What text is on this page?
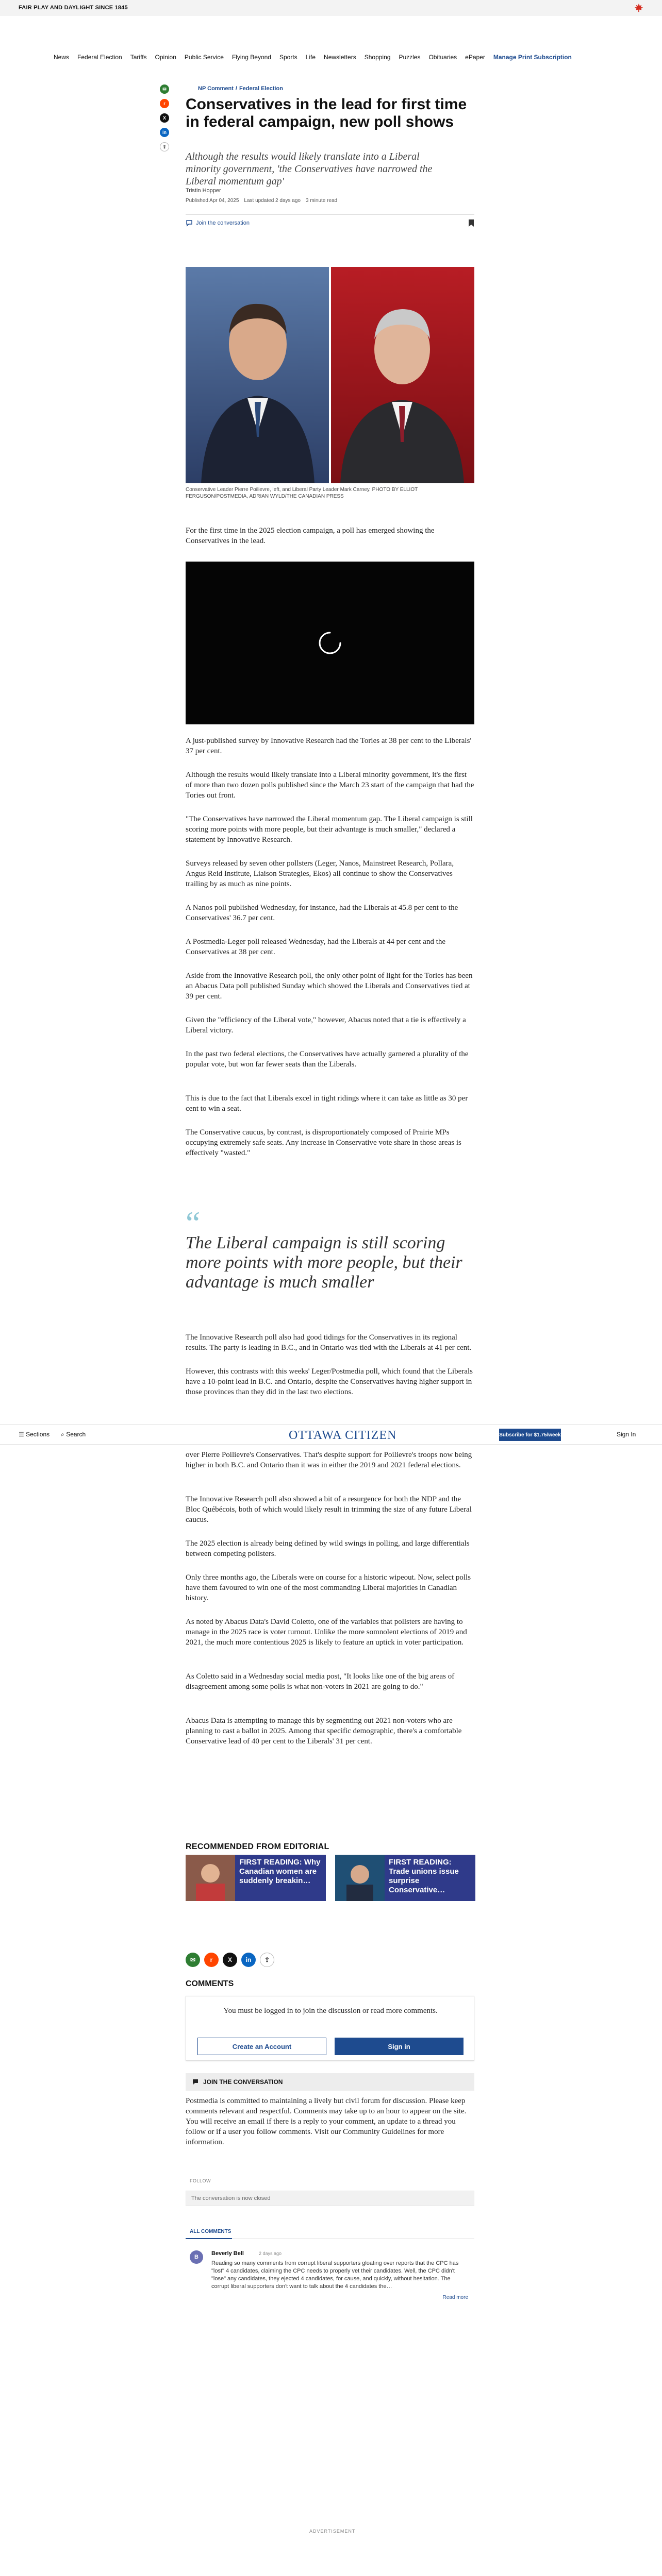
FAIR PLAY AND DAYLIGHT SINCE 1845
News Federal Election Tariffs Opinion Public Service Flying Beyond Sports Life Newsletters Shopping Puzzles Obituaries ePaper Manage Print Subscription
✉
r
X
in
⇪
NP Comment / Federal Election
Conservatives in the lead for first time in federal campaign, new poll shows

Although the results would likely translate into a Liberal minority government, 'the Conservatives have narrowed the Liberal momentum gap'

Tristin Hopper
Published Apr 04, 2025 Last updated 2 days ago 3 minute read
Join the conversation

Conservative Leader Pierre Poilievre, left, and Liberal Party Leader Mark Carney. PHOTO BY ELLIOT FERGUSON/POSTMEDIA, ADRIAN WYLD/THE CANADIAN PRESS

For the first time in the 2025 election campaign, a poll has emerged showing the Conservatives in the lead.

A just-published survey by Innovative Research had the Tories at 38 per cent to the Liberals' 37 per cent.

Although the results would likely translate into a Liberal minority government, it's the first of more than two dozen polls published since the March 23 start of the campaign that had the Tories out front.

"The Conservatives have narrowed the Liberal momentum gap. The Liberal campaign is still scoring more points with more people, but their advantage is much smaller," declared a statement by Innovative Research.

Surveys released by seven other pollsters (Leger, Nanos, Mainstreet Research, Pollara, Angus Reid Institute, Liaison Strategies, Ekos) all continue to show the Conservatives trailing by as much as nine points.

A Nanos poll published Wednesday, for instance, had the Liberals at 45.8 per cent to the Conservatives' 36.7 per cent.

A Postmedia-Leger poll released Wednesday, had the Liberals at 44 per cent and the Conservatives at 38 per cent.

Aside from the Innovative Research poll, the only other point of light for the Tories has been an Abacus Data poll published Sunday which showed the Liberals and Conservatives tied at 39 per cent.

Given the "efficiency of the Liberal vote," however, Abacus noted that a tie is effectively a Liberal victory.

In the past two federal elections, the Conservatives have actually garnered a plurality of the popular vote, but won far fewer seats than the Liberals.

This is due to the fact that Liberals excel in tight ridings where it can take as little as 30 per cent to win a seat.

The Conservative caucus, by contrast, is disproportionately composed of Prairie MPs occupying extremely safe seats. Any increase in Conservative vote share in those areas is effectively "wasted."

“
The Liberal campaign is still scoring more points with more people, but their advantage is much smaller

The Innovative Research poll also had good tidings for the Conservatives in its regional results. The party is leading in B.C., and in Ontario was tied with the Liberals at 41 per cent.

However, this contrasts with this weeks' Leger/Postmedia poll, which found that the Liberals have a 10-point lead in B.C. and Ontario, despite the Conservatives having higher support in those provinces than they did in the last two elections.

☰ Sections ⌕ Search	OTTAWA CITIZEN	Subscribe for $1.75/week	Sign In

over Pierre Poilievre's Conservatives. That's despite support for Poilievre's troops now being higher in both B.C. and Ontario than it was in either the 2019 and 2021 federal elections.

The Innovative Research poll also showed a bit of a resurgence for both the NDP and the Bloc Québécois, both of which would likely result in trimming the size of any future Liberal caucus.

The 2025 election is already being defined by wild swings in polling, and large differentials between competing pollsters.

Only three months ago, the Liberals were on course for a historic wipeout. Now, select polls have them favoured to win one of the most commanding Liberal majorities in Canadian history.

As noted by Abacus Data's David Coletto, one of the variables that pollsters are having to manage in the 2025 race is voter turnout. Unlike the more somnolent elections of 2019 and 2021, the much more contentious 2025 is likely to feature an uptick in voter participation.

As Coletto said in a Wednesday social media post, "It looks like one of the big areas of disagreement among some polls is what non-voters in 2021 are going to do."

Abacus Data is attempting to manage this by segmenting out 2021 non-voters who are planning to cast a ballot in 2025. Among that specific demographic, there's a comfortable Conservative lead of 40 per cent to the Liberals' 31 per cent.

RECOMMENDED FROM EDITORIAL
FIRST READING: Why Canadian women are suddenly breakin…
FIRST READING: Trade unions issue surprise Conservative…
✉	r	X	in	⇪
COMMENTS
You must be logged in to join the discussion or read more comments.
Create an Account	Sign in
JOIN THE CONVERSATION

Postmedia is committed to maintaining a lively but civil forum for discussion. Please keep comments relevant and respectful. Comments may take up to an hour to appear on the site. You will receive an email if there is a reply to your comment, an update to a thread you follow or if a user you follow comments. Visit our Community Guidelines for more information.

FOLLOW
The conversation is now closed
ALL COMMENTS
B
Beverly Bell	2 days ago
Reading so many comments from corrupt liberal supporters gloating over reports that the CPC has "lost" 4 candidates, claiming the CPC needs to properly vet their candidates. Well, the CPC didn't "lose" any candidates, they ejected 4 candidates, for cause, and quickly, without hesitation. The corrupt liberal supporters don't want to talk about the 4 candidates the…
Read more
ADVERTISEMENT
